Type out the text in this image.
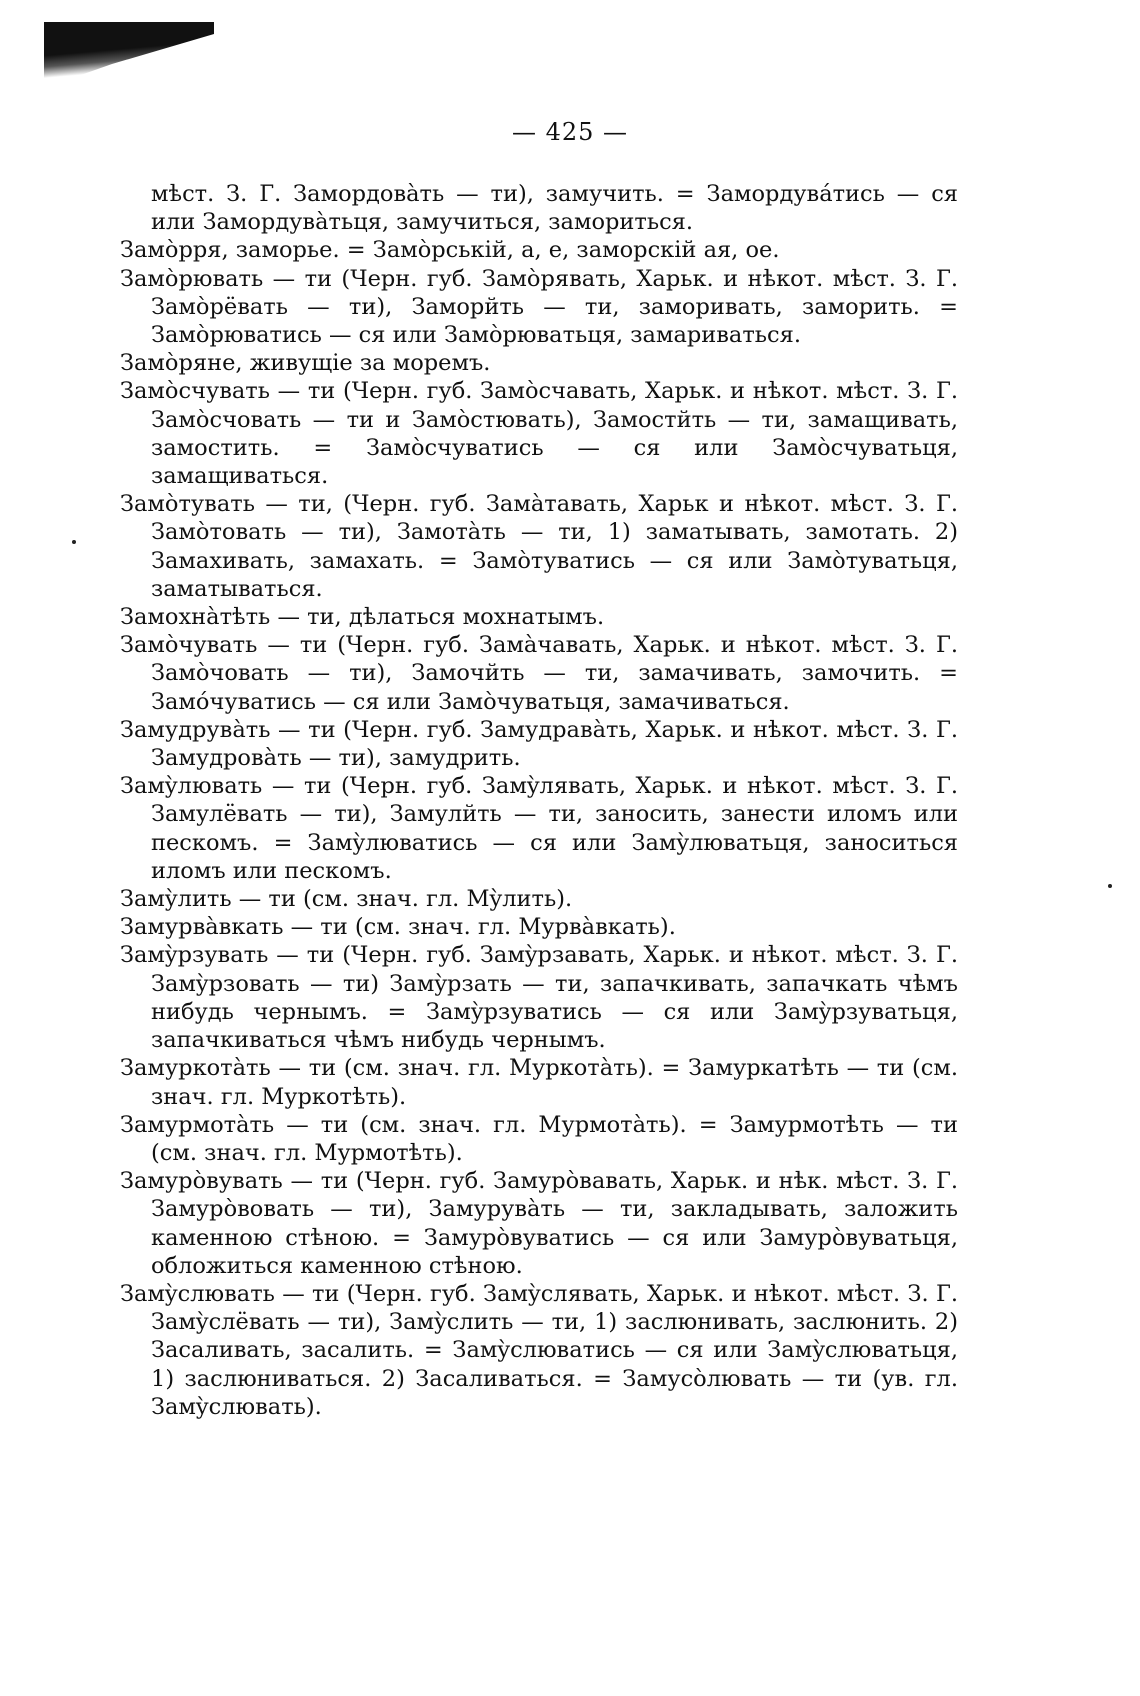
— 425 —

мѣст. З. Г. Замордовàть — ти), замучить. = Замордувáтись — ся или Замордувàтьця, замучиться, замориться.

Замòрря, заморье. = Замòрській, а, е, заморскій ая, ое.

Замòрювать — ти (Черн. губ. Замòрявать, Харьк. и нѣкот. мѣст. З. Г. Замòрёвать — ти), Заморйть — ти, заморивать, заморить. = Замòрюватись — ся или Замòрюватьця, замариваться.

Замòряне, живущіе за моремъ.

Замòсчувать — ти (Черн. губ. Замòсчавать, Харьк. и нѣкот. мѣст. З. Г. Замòсчовать — ти и Замòстювать), Замостйть — ти, замащивать, замостить. = Замòсчуватись — ся или Замòсчуватьця, замащиваться.

Замòтувать — ти, (Черн. губ. Замàтавать, Харьк и нѣкот. мѣст. З. Г. Замòтовать — ти), Замотàть — ти, 1) заматывать, замотать. 2) Замахивать, замахать. = Замòтуватись — ся или Замòтуватьця, заматываться.

Замохнàтѣть — ти, дѣлаться мохнатымъ.

Замòчувать — ти (Черн. губ. Замàчавать, Харьк. и нѣкот. мѣст. З. Г. Замòчовать — ти), Замочйть — ти, замачивать, замочить. = Замóчуватись — ся или Замòчуватьця, замачиваться.

Замудрувàть — ти (Черн. губ. Замудравàть, Харьк. и нѣкот. мѣст. З. Г. Замудровàть — ти), замудрить.

Замỳлювать — ти (Черн. губ. Замỳлявать, Харьк. и нѣкот. мѣст. З. Г. Замулёвать — ти), Замулйть — ти, заносить, занести иломъ или пескомъ. = Замỳлюватись — ся или Замỳлюватьця, заноситься иломъ или пескомъ.

Замỳлить — ти (см. знач. гл. Мỳлить).

Замурвàвкать — ти (см. знач. гл. Мурвàвкать).

Замỳрзувать — ти (Черн. губ. Замỳрзавать, Харьк. и нѣкот. мѣст. З. Г. Замỳрзовать — ти) Замỳрзать — ти, запачкивать, запачкать чѣмъ нибудь чернымъ. = Замỳрзуватись — ся или Замỳрзуватьця, запачкиваться чѣмъ нибудь чернымъ.

Замуркотàть — ти (см. знач. гл. Муркотàть). = Замуркатѣть — ти (см. знач. гл. Муркотѣть).

Замурмотàть — ти (см. знач. гл. Мурмотàть). = Замурмотѣть — ти (см. знач. гл. Мурмотѣть).

Замурòвувать — ти (Черн. губ. Замурòвавать, Харьк. и нѣк. мѣст. З. Г. Замурòвовать — ти), Замурувàть — ти, закладывать, заложить каменною стѣною. = Замурòвуватись — ся или Замурòвуватьця, обложиться каменною стѣною.

Замỳслювать — ти (Черн. губ. Замỳслявать, Харьк. и нѣкот. мѣст. З. Г. Замỳслёвать — ти), Замỳслить — ти, 1) заслюнивать, заслюнить. 2) Засаливать, засалить. = Замỳслюватись — ся или Замỳслюватьця, 1) заслюниваться. 2) Засаливаться. = Замусòлювать — ти (ув. гл. Замỳслювать).
